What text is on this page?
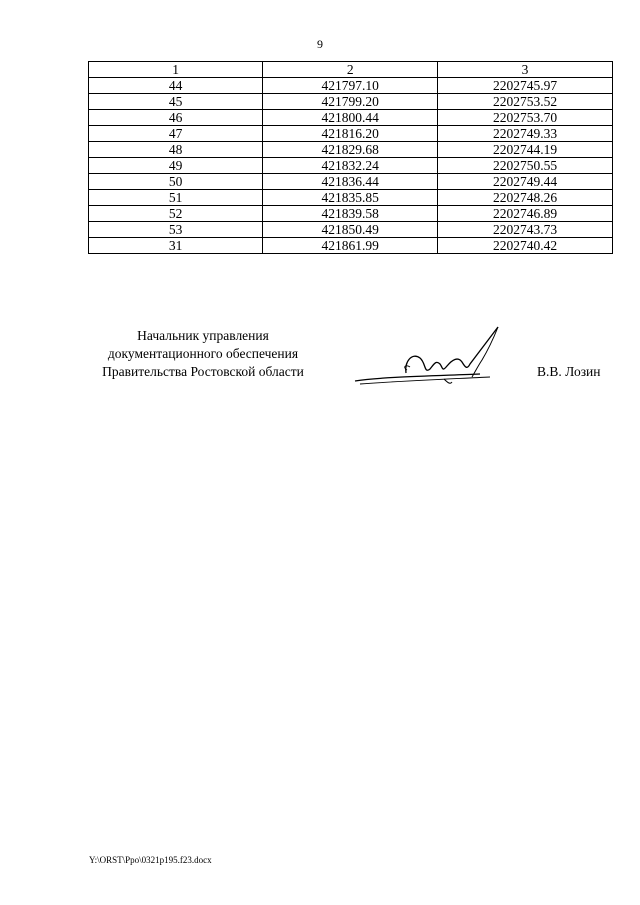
9
1	2	3
44	421797.10	2202745.97
45	421799.20	2202753.52
46	421800.44	2202753.70
47	421816.20	2202749.33
48	421829.68	2202744.19
49	421832.24	2202750.55
50	421836.44	2202749.44
51	421835.85	2202748.26
52	421839.58	2202746.89
53	421850.49	2202743.73
31	421861.99	2202740.42
Начальник управления
документационного обеспечения
Правительства Ростовской области	В.В. Лозин
Y:\ORST\Ppo\0321p195.f23.docx
